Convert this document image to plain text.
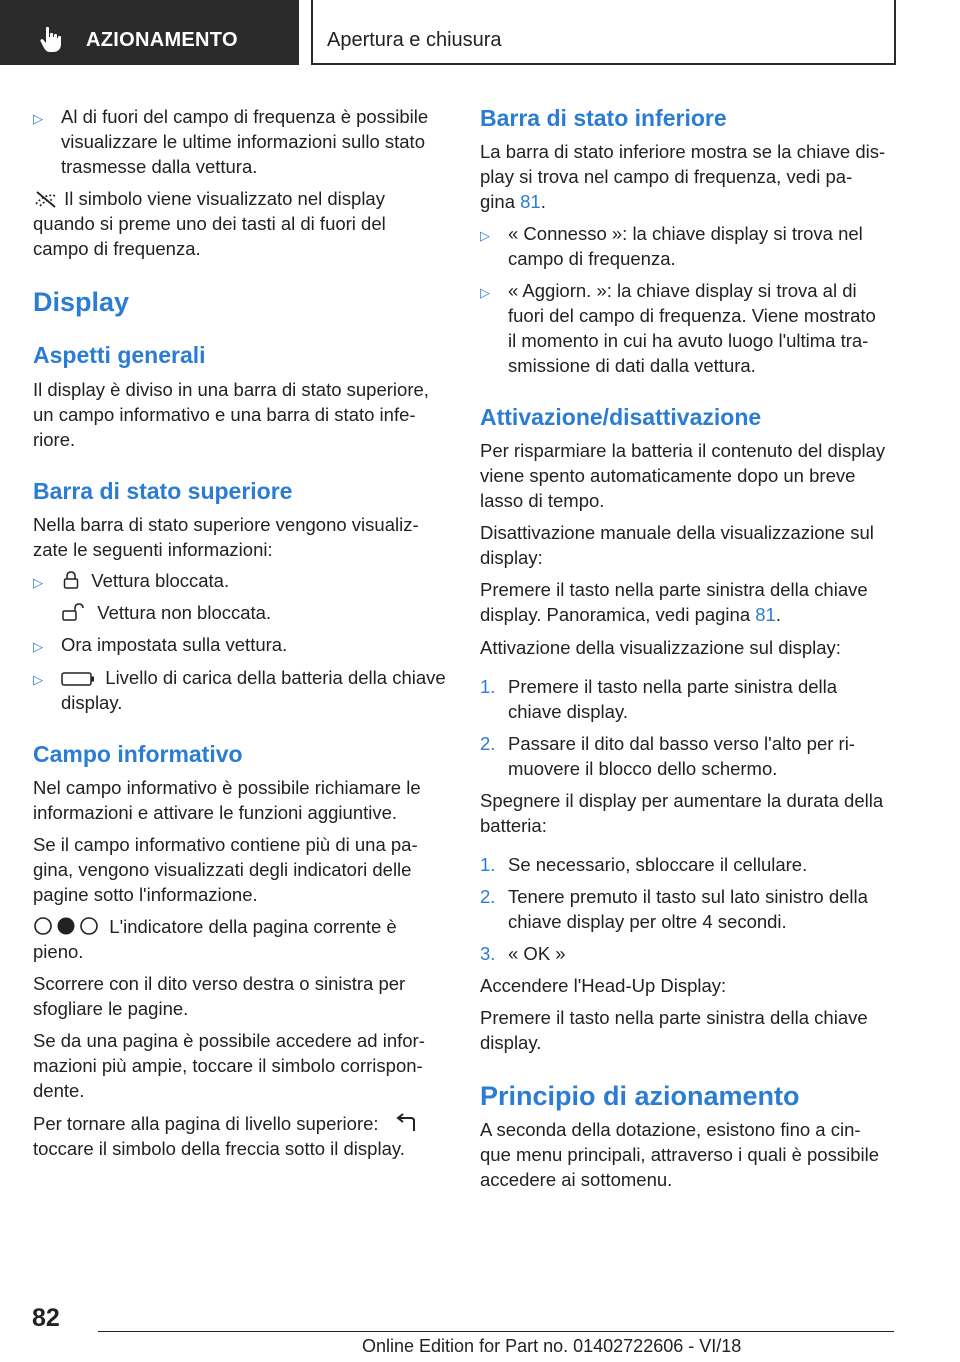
AZIONAMENTO	Apertura e chiusura
▷ Al di fuori del campo di frequenza è possibile
visualizzare le ultime informazioni sullo stato
trasmesse dalla vettura.
Il simbolo viene visualizzato nel display
quando si preme uno dei tasti al di fuori del
campo di frequenza.
Display
Aspetti generali
Il display è diviso in una barra di stato superiore,
un campo informativo e una barra di stato infe-
riore.
Barra di stato superiore
Nella barra di stato superiore vengono visualiz-
zate le seguenti informazioni:
▷	Vettura bloccata.
Vettura non bloccata.
▷ Ora impostata sulla vettura.
▷	Livello di carica della batteria della chiave
display.
Campo informativo
Nel campo informativo è possibile richiamare le
informazioni e attivare le funzioni aggiuntive.
Se il campo informativo contiene più di una pa-
gina, vengono visualizzati degli indicatori delle
pagine sotto l'informazione.
L'indicatore della pagina corrente è
pieno.
Scorrere con il dito verso destra o sinistra per
sfogliare le pagine.
Se da una pagina è possibile accedere ad infor-
mazioni più ampie, toccare il simbolo corrispon-
dente.
Per tornare alla pagina di livello superiore:
toccare il simbolo della freccia sotto il display.
Barra di stato inferiore
La barra di stato inferiore mostra se la chiave dis-
play si trova nel campo di frequenza, vedi pa-
gina 81.
▷ « Connesso »: la chiave display si trova nel
campo di frequenza.
▷ « Aggiorn. »: la chiave display si trova al di
fuori del campo di frequenza. Viene mostrato
il momento in cui ha avuto luogo l'ultima tra-
smissione di dati dalla vettura.
Attivazione/disattivazione
Per risparmiare la batteria il contenuto del display
viene spento automaticamente dopo un breve
lasso di tempo.
Disattivazione manuale della visualizzazione sul
display:
Premere il tasto nella parte sinistra della chiave
display. Panoramica, vedi pagina 81.
Attivazione della visualizzazione sul display:
1. Premere il tasto nella parte sinistra della
chiave display.
2. Passare il dito dal basso verso l'alto per ri-
muovere il blocco dello schermo.
Spegnere il display per aumentare la durata della
batteria:
1. Se necessario, sbloccare il cellulare.
2. Tenere premuto il tasto sul lato sinistro della
chiave display per oltre 4 secondi.
3. « OK »
Accendere l'Head-Up Display:
Premere il tasto nella parte sinistra della chiave
display.
Principio di azionamento
A seconda della dotazione, esistono fino a cin-
que menu principali, attraverso i quali è possibile
accedere ai sottomenu.
82
Online Edition for Part no. 01402722606 - VI/18
